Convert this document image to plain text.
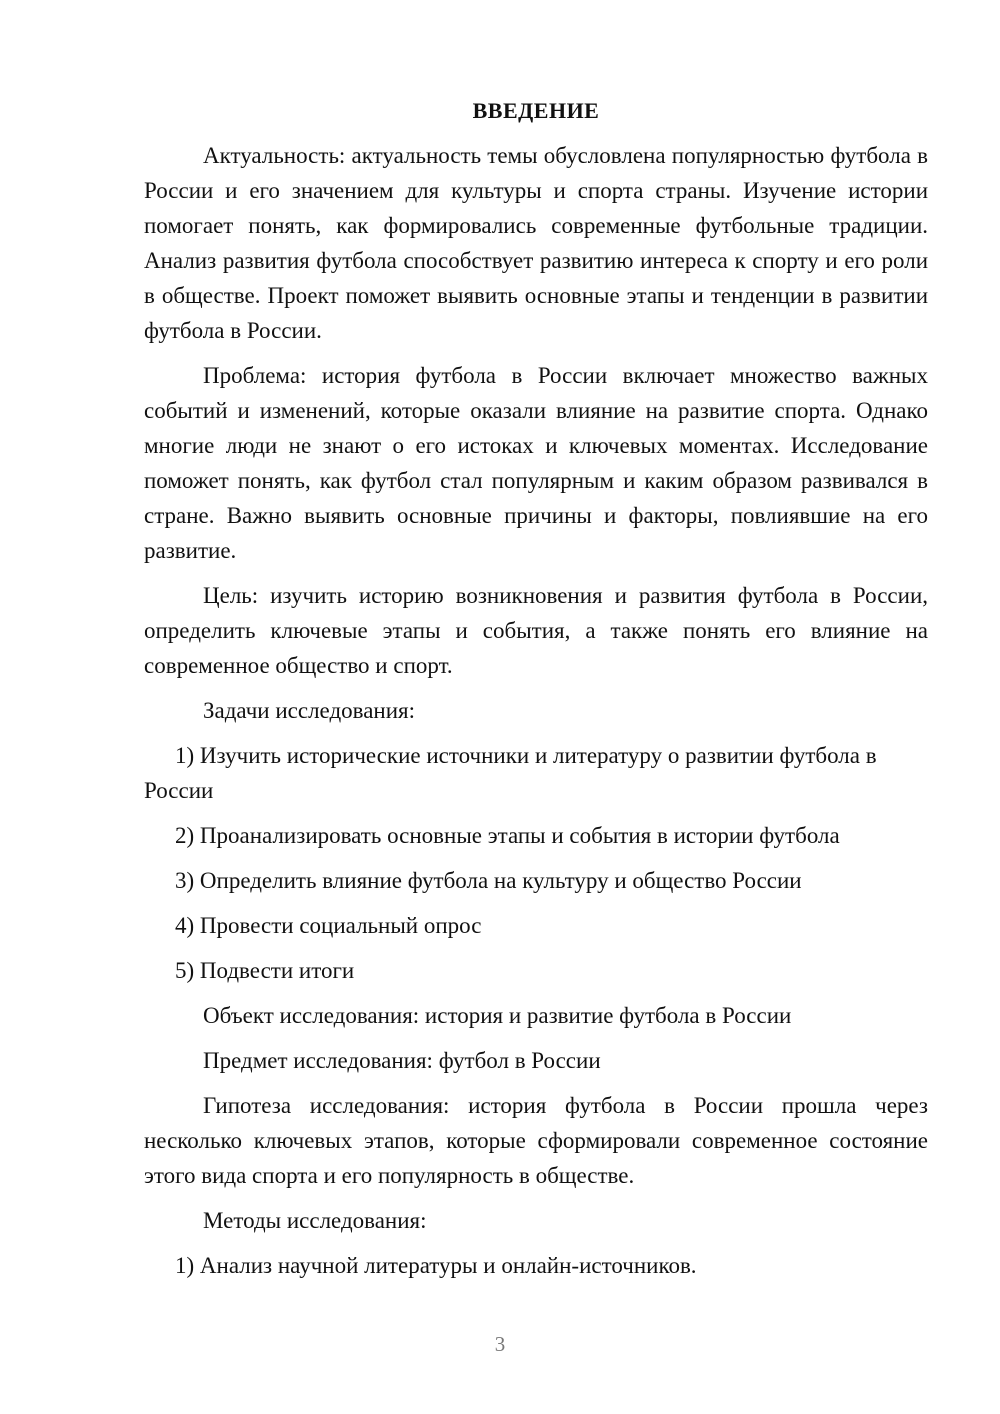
ВВЕДЕНИЕ

Актуальность: актуальность темы обусловлена популярностью футбола в России и его значением для культуры и спорта страны. Изучение истории помогает понять, как формировались современные футбольные традиции. Анализ развития футбола способствует развитию интереса к спорту и его роли в обществе. Проект поможет выявить основные этапы и тенденции в развитии футбола в России.

Проблема: история футбола в России включает множество важных событий и изменений, которые оказали влияние на развитие спорта. Однако многие люди не знают о его истоках и ключевых моментах. Исследование поможет понять, как футбол стал популярным и каким образом развивался в стране. Важно выявить основные причины и факторы, повлиявшие на его развитие.

Цель: изучить историю возникновения и развития футбола в России, определить ключевые этапы и события, а также понять его влияние на современное общество и спорт.

Задачи исследования:

1) Изучить исторические источники и литературу о развитии футбола в России

2) Проанализировать основные этапы и события в истории футбола

3) Определить влияние футбола на культуру и общество России

4) Провести социальный опрос

5) Подвести итоги

Объект исследования: история и развитие футбола в России

Предмет исследования: футбол в России

Гипотеза исследования: история футбола в России прошла через несколько ключевых этапов, которые сформировали современное состояние этого вида спорта и его популярность в обществе.

Методы исследования:

1) Анализ научной литературы и онлайн-источников.

3
